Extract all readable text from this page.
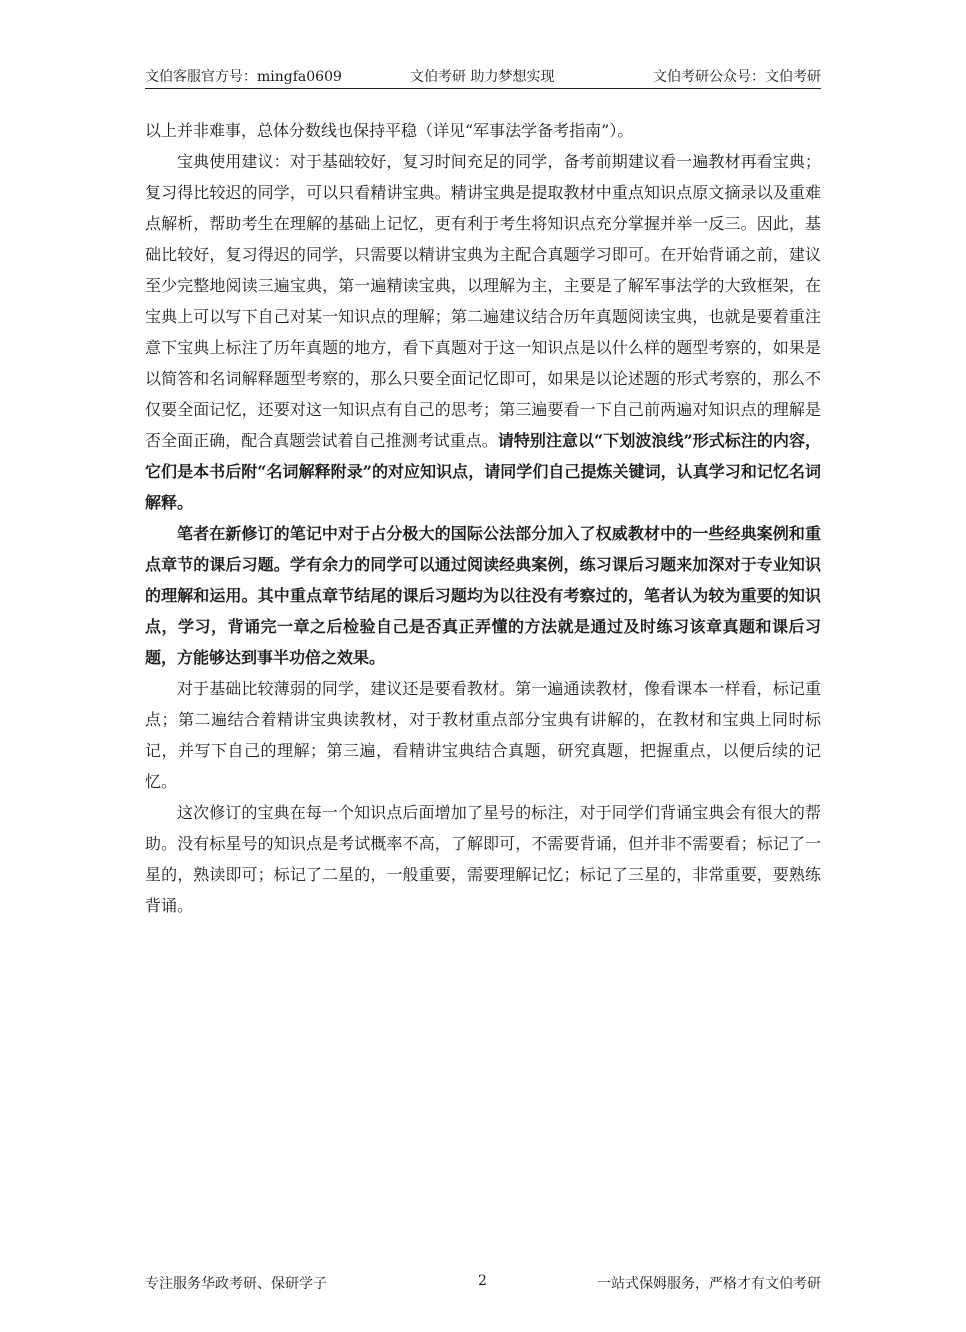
文伯客服官方号：mingfa0609	文伯考研 助力梦想实现	文伯考研公众号：文伯考研

以上并非难事，总体分数线也保持平稳（详见“军事法学备考指南”）。

宝典使用建议：对于基础较好，复习时间充足的同学，备考前期建议看一遍教材再看宝典；复习得比较迟的同学，可以只看精讲宝典。精讲宝典是提取教材中重点知识点原文摘录以及重难点解析，帮助考生在理解的基础上记忆，更有利于考生将知识点充分掌握并举一反三。因此，基础比较好，复习得迟的同学，只需要以精讲宝典为主配合真题学习即可。在开始背诵之前，建议至少完整地阅读三遍宝典，第一遍精读宝典，以理解为主，主要是了解军事法学的大致框架，在宝典上可以写下自己对某一知识点的理解；第二遍建议结合历年真题阅读宝典，也就是要着重注意下宝典上标注了历年真题的地方，看下真题对于这一知识点是以什么样的题型考察的，如果是以简答和名词解释题型考察的，那么只要全面记忆即可，如果是以论述题的形式考察的，那么不仅要全面记忆，还要对这一知识点有自己的思考；第三遍要看一下自己前两遍对知识点的理解是否全面正确，配合真题尝试着自己推测考试重点。请特别注意以“下划波浪线”形式标注的内容，它们是本书后附“名词解释附录”的对应知识点，请同学们自己提炼关键词，认真学习和记忆名词解释。

笔者在新修订的笔记中对于占分极大的国际公法部分加入了权威教材中的一些经典案例和重点章节的课后习题。学有余力的同学可以通过阅读经典案例，练习课后习题来加深对于专业知识的理解和运用。其中重点章节结尾的课后习题均为以往没有考察过的，笔者认为较为重要的知识点，学习，背诵完一章之后检验自己是否真正弄懂的方法就是通过及时练习该章真题和课后习题，方能够达到事半功倍之效果。

对于基础比较薄弱的同学，建议还是要看教材。第一遍通读教材，像看课本一样看，标记重点；第二遍结合着精讲宝典读教材，对于教材重点部分宝典有讲解的，在教材和宝典上同时标记，并写下自己的理解；第三遍，看精讲宝典结合真题，研究真题，把握重点，以便后续的记忆。

这次修订的宝典在每一个知识点后面增加了星号的标注，对于同学们背诵宝典会有很大的帮助。没有标星号的知识点是考试概率不高，了解即可，不需要背诵，但并非不需要看；标记了一星的，熟读即可；标记了二星的，一般重要，需要理解记忆；标记了三星的，非常重要，要熟练背诵。

专注服务华政考研、保研学子	2	一站式保姆服务，严格才有文伯考研
